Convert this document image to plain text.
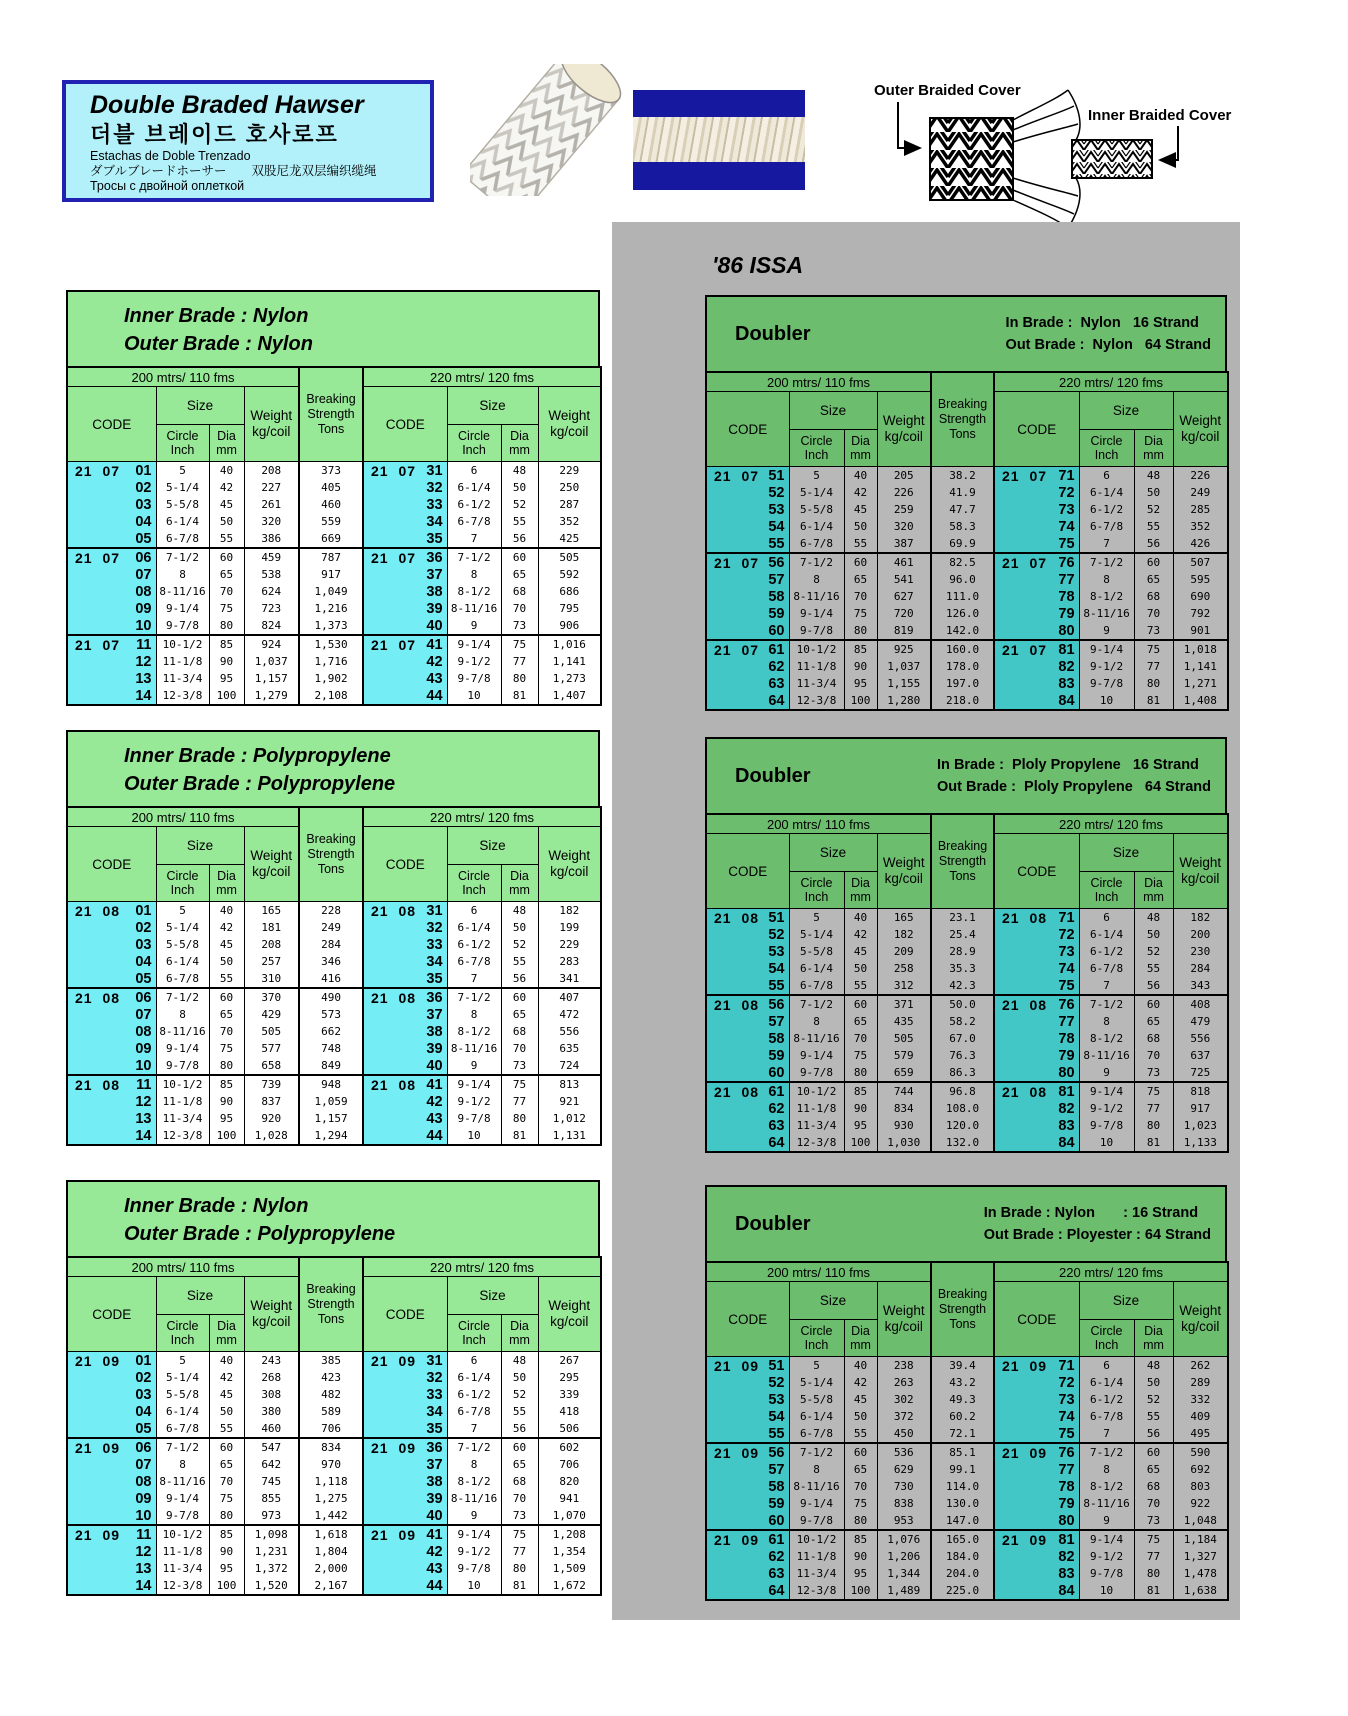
Double Braded Hawser
더블 브레이드 호사로프
Estachas de Doble Trenzado
ダブルブレードホーサー　　双股尼龙双层编织缆绳
Тросы с двойной оплеткой
Outer Braided Cover
Inner Braided Cover
'86 ISSA
Inner Brade : Nylon
Outer Brade : Nylon
200 mtrs/ 110 fms				Breaking
Strength
Tons	220 mtrs/ 120 fms			
CODE	Size	
Weight
kg/coil	CODE	Size	
Weight
kg/coil

Circle
Inch

Dia
mm

Circle
Inch

Dia
mm

21 07 01	5	40	208	373	21 07 31	6	48	229

02	5-1/4	42	227	405	32	6-1/4	50	250

03	5-5/8	45	261	460	33	6-1/2	52	287

04	6-1/4	50	320	559	34	6-7/8	55	352

05	6-7/8	55	386	669	35	7	56	425

21 07 06	7-1/2	60	459	787	21 07 36	7-1/2	60	505

07	8	65	538	917	37	8	65	592

08	8-11/16	70	624	1,049	38	8-1/2	68	686

09	9-1/4	75	723	1,216	39	8-11/16	70	795

10	9-7/8	80	824	1,373	40	9	73	906

21 07 11	10-1/2	85	924	1,530	21 07 41	9-1/4	75	1,016

12	11-1/8	90	1,037	1,716	42	9-1/2	77	1,141

13	11-3/4	95	1,157	1,902	43	9-7/8	80	1,273

14	12-3/8	100	1,279	2,108	44	10	81	1,407
Inner Brade : Polypropylene
Outer Brade : Polypropylene
200 mtrs/ 110 fms				Breaking
Strength
Tons	220 mtrs/ 120 fms			
CODE	Size	
Weight
kg/coil	CODE	Size	
Weight
kg/coil

Circle
Inch

Dia
mm

Circle
Inch

Dia
mm

21 08 01	5	40	165	228	21 08 31	6	48	182

02	5-1/4	42	181	249	32	6-1/4	50	199

03	5-5/8	45	208	284	33	6-1/2	52	229

04	6-1/4	50	257	346	34	6-7/8	55	283

05	6-7/8	55	310	416	35	7	56	341

21 08 06	7-1/2	60	370	490	21 08 36	7-1/2	60	407

07	8	65	429	573	37	8	65	472

08	8-11/16	70	505	662	38	8-1/2	68	556

09	9-1/4	75	577	748	39	8-11/16	70	635

10	9-7/8	80	658	849	40	9	73	724

21 08 11	10-1/2	85	739	948	21 08 41	9-1/4	75	813

12	11-1/8	90	837	1,059	42	9-1/2	77	921

13	11-3/4	95	920	1,157	43	9-7/8	80	1,012

14	12-3/8	100	1,028	1,294	44	10	81	1,131
Inner Brade : Nylon
Outer Brade : Polypropylene
200 mtrs/ 110 fms				Breaking
Strength
Tons	220 mtrs/ 120 fms			
CODE	Size	
Weight
kg/coil	CODE	Size	
Weight
kg/coil

Circle
Inch

Dia
mm

Circle
Inch

Dia
mm

21 09 01	5	40	243	385	21 09 31	6	48	267

02	5-1/4	42	268	423	32	6-1/4	50	295

03	5-5/8	45	308	482	33	6-1/2	52	339

04	6-1/4	50	380	589	34	6-7/8	55	418

05	6-7/8	55	460	706	35	7	56	506

21 09 06	7-1/2	60	547	834	21 09 36	7-1/2	60	602

07	8	65	642	970	37	8	65	706

08	8-11/16	70	745	1,118	38	8-1/2	68	820

09	9-1/4	75	855	1,275	39	8-11/16	70	941

10	9-7/8	80	973	1,442	40	9	73	1,070

21 09 11	10-1/2	85	1,098	1,618	21 09 41	9-1/4	75	1,208

12	11-1/8	90	1,231	1,804	42	9-1/2	77	1,354

13	11-3/4	95	1,372	2,000	43	9-7/8	80	1,509

14	12-3/8	100	1,520	2,167	44	10	81	1,672
Doubler	In Brade :  Nylon   16 Strand
Out Brade :  Nylon   64 Strand
200 mtrs/ 110 fms				Breaking
Strength
Tons	220 mtrs/ 120 fms			
CODE	Size	
Weight
kg/coil	CODE	Size	
Weight
kg/coil

Circle
Inch

Dia
mm

Circle
Inch

Dia
mm

21 07 51	5	40	205	38.2	21 07 71	6	48	226

52	5-1/4	42	226	41.9	72	6-1/4	50	249

53	5-5/8	45	259	47.7	73	6-1/2	52	285

54	6-1/4	50	320	58.3	74	6-7/8	55	352

55	6-7/8	55	387	69.9	75	7	56	426

21 07 56	7-1/2	60	461	82.5	21 07 76	7-1/2	60	507

57	8	65	541	96.0	77	8	65	595

58	8-11/16	70	627	111.0	78	8-1/2	68	690

59	9-1/4	75	720	126.0	79	8-11/16	70	792

60	9-7/8	80	819	142.0	80	9	73	901

21 07 61	10-1/2	85	925	160.0	21 07 81	9-1/4	75	1,018

62	11-1/8	90	1,037	178.0	82	9-1/2	77	1,141

63	11-3/4	95	1,155	197.0	83	9-7/8	80	1,271

64	12-3/8	100	1,280	218.0	84	10	81	1,408
Doubler	In Brade :  Ploly Propylene   16 Strand
Out Brade :  Ploly Propylene   64 Strand
200 mtrs/ 110 fms				Breaking
Strength
Tons	220 mtrs/ 120 fms			
CODE	Size	
Weight
kg/coil	CODE	Size	
Weight
kg/coil

Circle
Inch

Dia
mm

Circle
Inch

Dia
mm

21 08 51	5	40	165	23.1	21 08 71	6	48	182

52	5-1/4	42	182	25.4	72	6-1/4	50	200

53	5-5/8	45	209	28.9	73	6-1/2	52	230

54	6-1/4	50	258	35.3	74	6-7/8	55	284

55	6-7/8	55	312	42.3	75	7	56	343

21 08 56	7-1/2	60	371	50.0	21 08 76	7-1/2	60	408

57	8	65	435	58.2	77	8	65	479

58	8-11/16	70	505	67.0	78	8-1/2	68	556

59	9-1/4	75	579	76.3	79	8-11/16	70	637

60	9-7/8	80	659	86.3	80	9	73	725

21 08 61	10-1/2	85	744	96.8	21 08 81	9-1/4	75	818

62	11-1/8	90	834	108.0	82	9-1/2	77	917

63	11-3/4	95	930	120.0	83	9-7/8	80	1,023

64	12-3/8	100	1,030	132.0	84	10	81	1,133
Doubler	In Brade : Nylon       : 16 Strand
Out Brade : Ployester : 64 Strand
200 mtrs/ 110 fms				Breaking
Strength
Tons	220 mtrs/ 120 fms			
CODE	Size	
Weight
kg/coil	CODE	Size	
Weight
kg/coil

Circle
Inch

Dia
mm

Circle
Inch

Dia
mm

21 09 51	5	40	238	39.4	21 09 71	6	48	262

52	5-1/4	42	263	43.2	72	6-1/4	50	289

53	5-5/8	45	302	49.3	73	6-1/2	52	332

54	6-1/4	50	372	60.2	74	6-7/8	55	409

55	6-7/8	55	450	72.1	75	7	56	495

21 09 56	7-1/2	60	536	85.1	21 09 76	7-1/2	60	590

57	8	65	629	99.1	77	8	65	692

58	8-11/16	70	730	114.0	78	8-1/2	68	803

59	9-1/4	75	838	130.0	79	8-11/16	70	922

60	9-7/8	80	953	147.0	80	9	73	1,048

21 09 61	10-1/2	85	1,076	165.0	21 09 81	9-1/4	75	1,184

62	11-1/8	90	1,206	184.0	82	9-1/2	77	1,327

63	11-3/4	95	1,344	204.0	83	9-7/8	80	1,478

64	12-3/8	100	1,489	225.0	84	10	81	1,638
